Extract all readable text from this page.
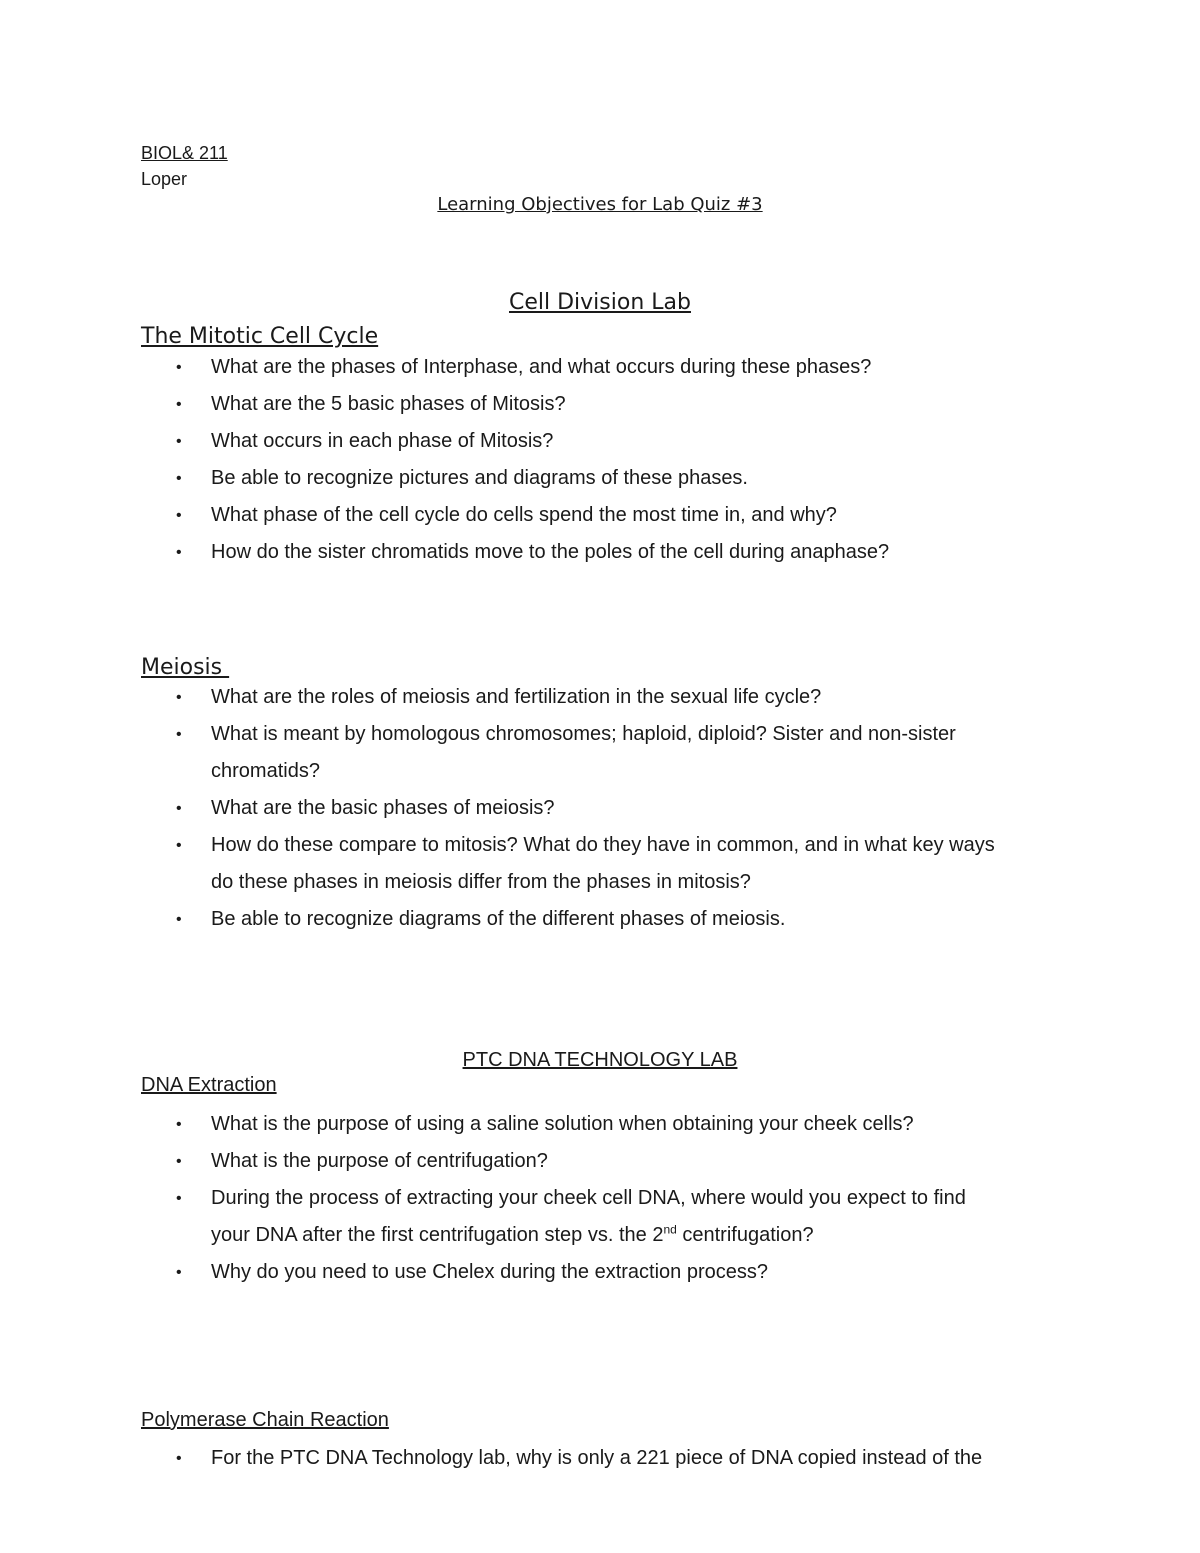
BIOL& 211
Loper
Learning Objectives for Lab Quiz #3
Cell Division Lab
The Mitotic Cell Cycle
• What are the phases of Interphase, and what occurs during these phases?
• What are the 5 basic phases of Mitosis?
• What occurs in each phase of Mitosis?
• Be able to recognize pictures and diagrams of these phases.
• What phase of the cell cycle do cells spend the most time in, and why?
• How do the sister chromatids move to the poles of the cell during anaphase?
Meiosis
• What are the roles of meiosis and fertilization in the sexual life cycle?
• What is meant by homologous chromosomes; haploid, diploid? Sister and non-sister
chromatids?
• What are the basic phases of meiosis?
• How do these compare to mitosis? What do they have in common, and in what key ways
do these phases in meiosis differ from the phases in mitosis?
• Be able to recognize diagrams of the different phases of meiosis.
PTC DNA TECHNOLOGY LAB
DNA Extraction
• What is the purpose of using a saline solution when obtaining your cheek cells?
• What is the purpose of centrifugation?
• During the process of extracting your cheek cell DNA, where would you expect to find
your DNA after the first centrifugation step vs. the 2nd centrifugation?
• Why do you need to use Chelex during the extraction process?
Polymerase Chain Reaction
• For the PTC DNA Technology lab, why is only a 221 piece of DNA copied instead of the
